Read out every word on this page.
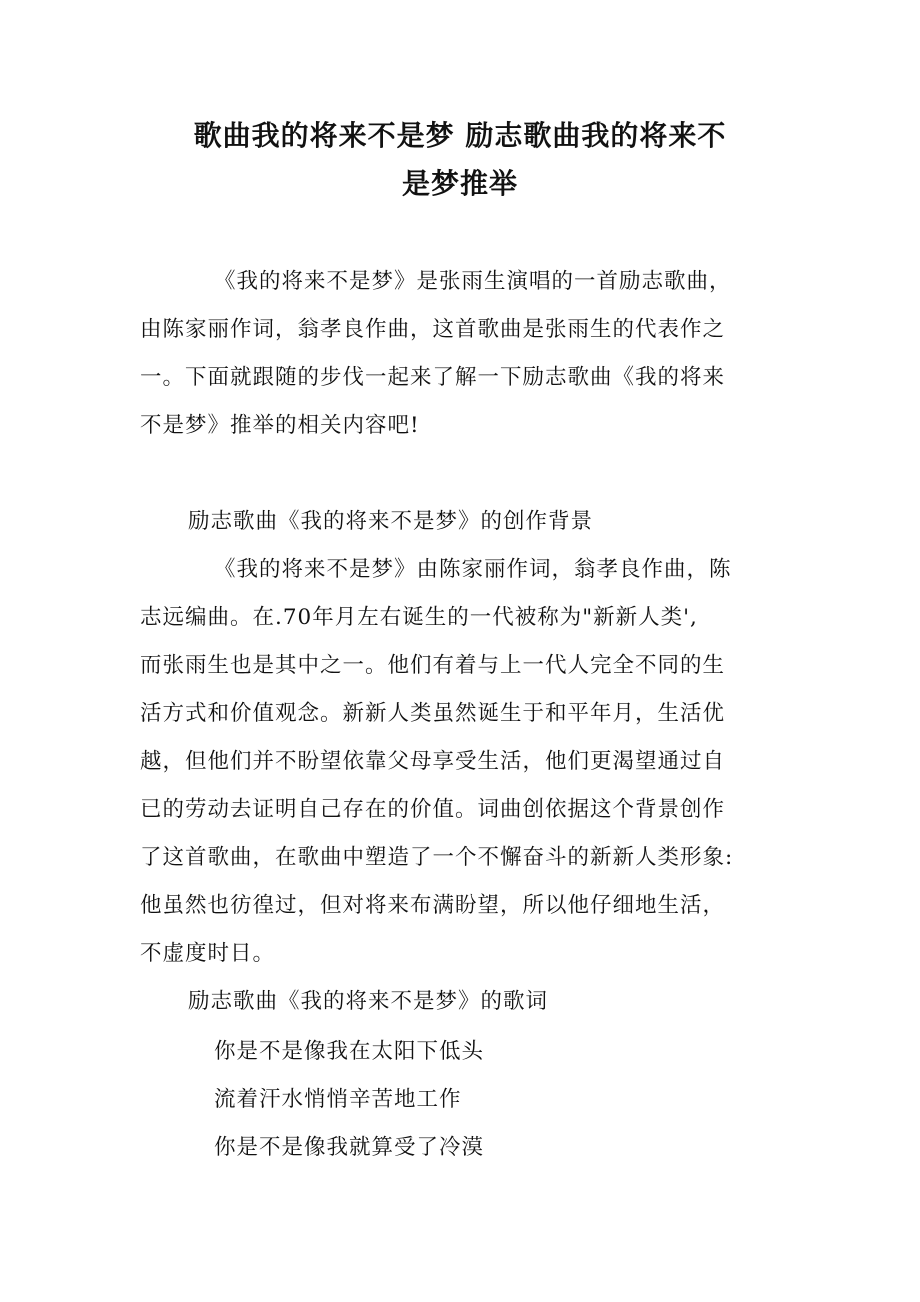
歌曲我的将来不是梦 励志歌曲我的将来不
是梦推举

《我的将来不是梦》是张雨生演唱的一首励志歌曲，
由陈家丽作词，翁孝良作曲，这首歌曲是张雨生的代表作之
一。下面就跟随的步伐一起来了解一下励志歌曲《我的将来
不是梦》推举的相关内容吧!

励志歌曲《我的将来不是梦》的创作背景

《我的将来不是梦》由陈家丽作词，翁孝良作曲，陈
志远编曲。在.70年月左右诞生的一代被称为"新新人类',
而张雨生也是其中之一。他们有着与上一代人完全不同的生
活方式和价值观念。新新人类虽然诞生于和平年月，生活优
越，但他们并不盼望依靠父母享受生活，他们更渴望通过自
已的劳动去证明自己存在的价值。词曲创依据这个背景创作
了这首歌曲，在歌曲中塑造了一个不懈奋斗的新新人类形象:
他虽然也彷徨过，但对将来布满盼望，所以他仔细地生活，
不虚度时日。

励志歌曲《我的将来不是梦》的歌词

你是不是像我在太阳下低头

流着汗水悄悄辛苦地工作

你是不是像我就算受了冷漠
